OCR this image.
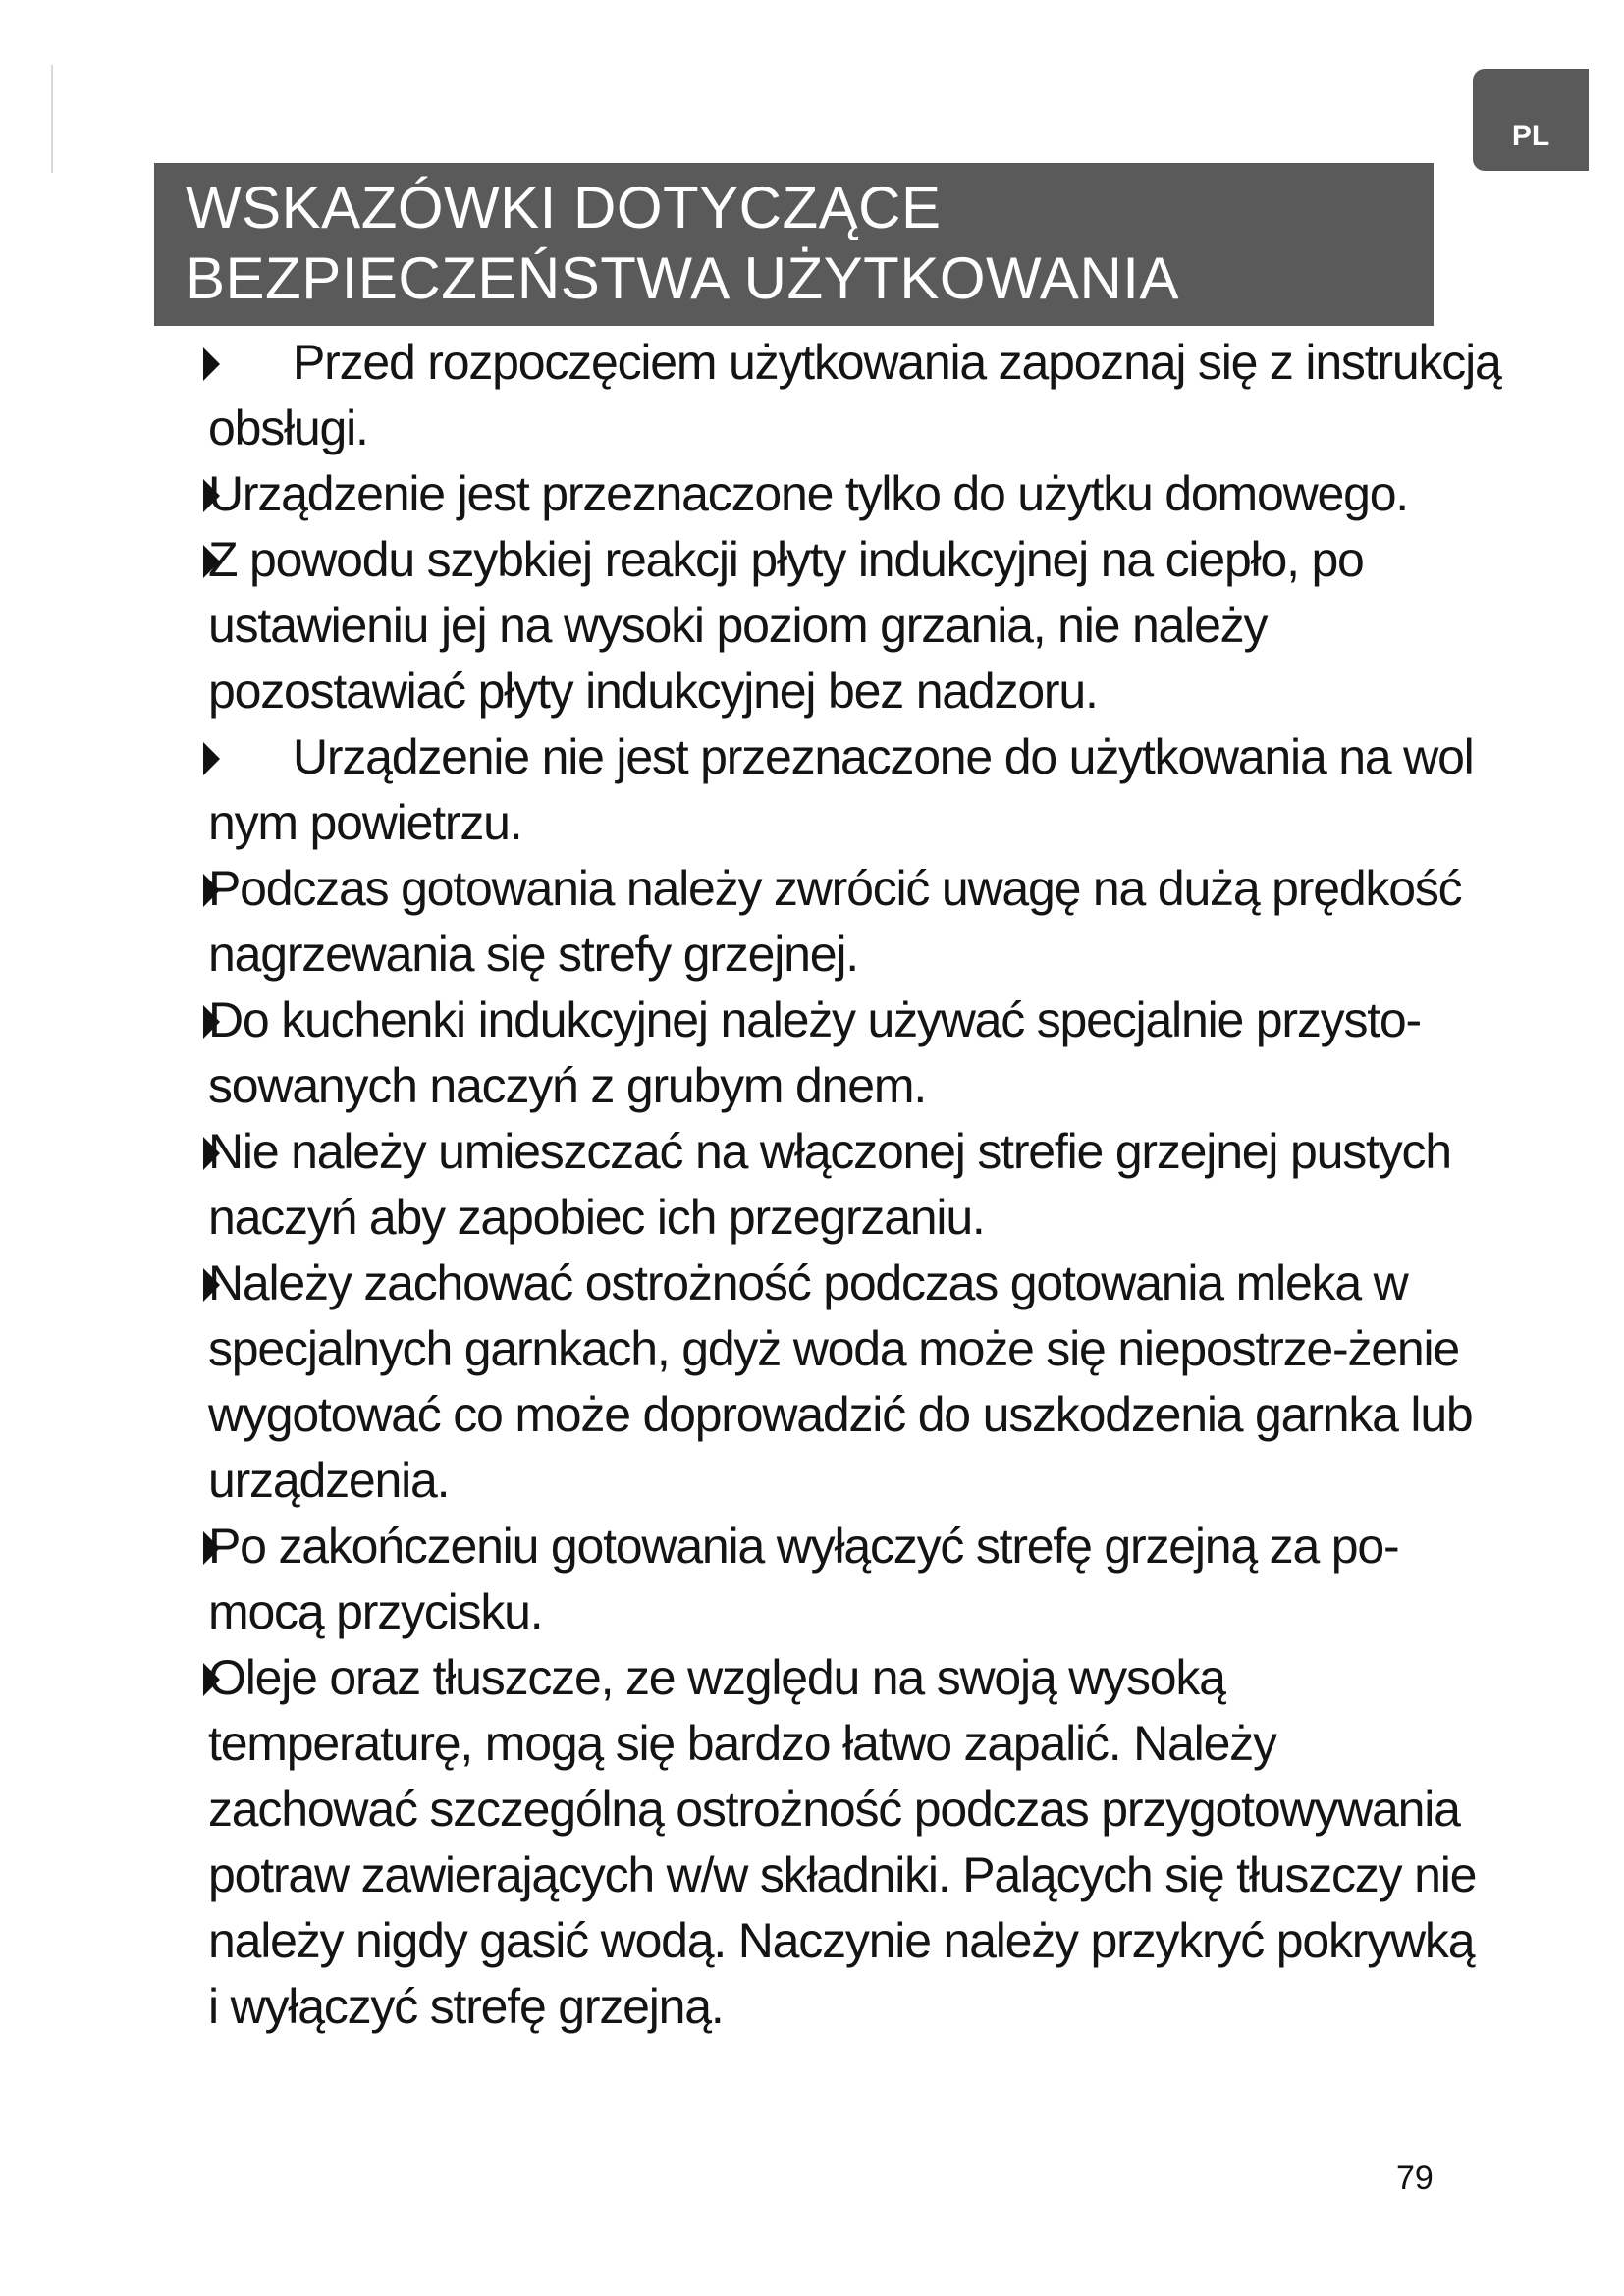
PL
WSKAZÓWKI DOTYCZĄCE
BEZPIECZEŃSTWA UŻYTKOWANIA
Przed rozpoczęciem użytkowania zapoznaj się z instrukcją obsługi.
Urządzenie jest przeznaczone tylko do użytku domowego.
Z powodu szybkiej reakcji płyty indukcyjnej na ciepło, po ustawieniu jej na wysoki poziom grzania, nie należy pozostawiać płyty indukcyjnej bez nadzoru.
Urządzenie nie jest przeznaczone do użytkowania na wol nym powietrzu.
Podczas gotowania należy zwrócić uwagę na dużą prędkość nagrzewania się strefy grzejnej.
Do kuchenki indukcyjnej należy używać specjalnie przysto-sowanych naczyń z grubym dnem.
Nie należy umieszczać na włączonej strefie grzejnej pustych naczyń aby zapobiec ich przegrzaniu.
Należy zachować ostrożność podczas gotowania mleka w specjalnych garnkach, gdyż woda może się niepostrze-żenie wygotować co może doprowadzić do uszkodzenia garnka lub urządzenia.
Po zakończeniu gotowania wyłączyć strefę grzejną za po-mocą przycisku.
Oleje oraz tłuszcze, ze względu na swoją wysoką temperaturę, mogą się bardzo łatwo zapalić. Należy zachować szczególną ostrożność podczas przygotowywania potraw zawierających w/w składniki. Palących się tłuszczy nie należy nigdy gasić wodą. Naczynie należy przykryć pokrywką i wyłączyć strefę grzejną.
79
